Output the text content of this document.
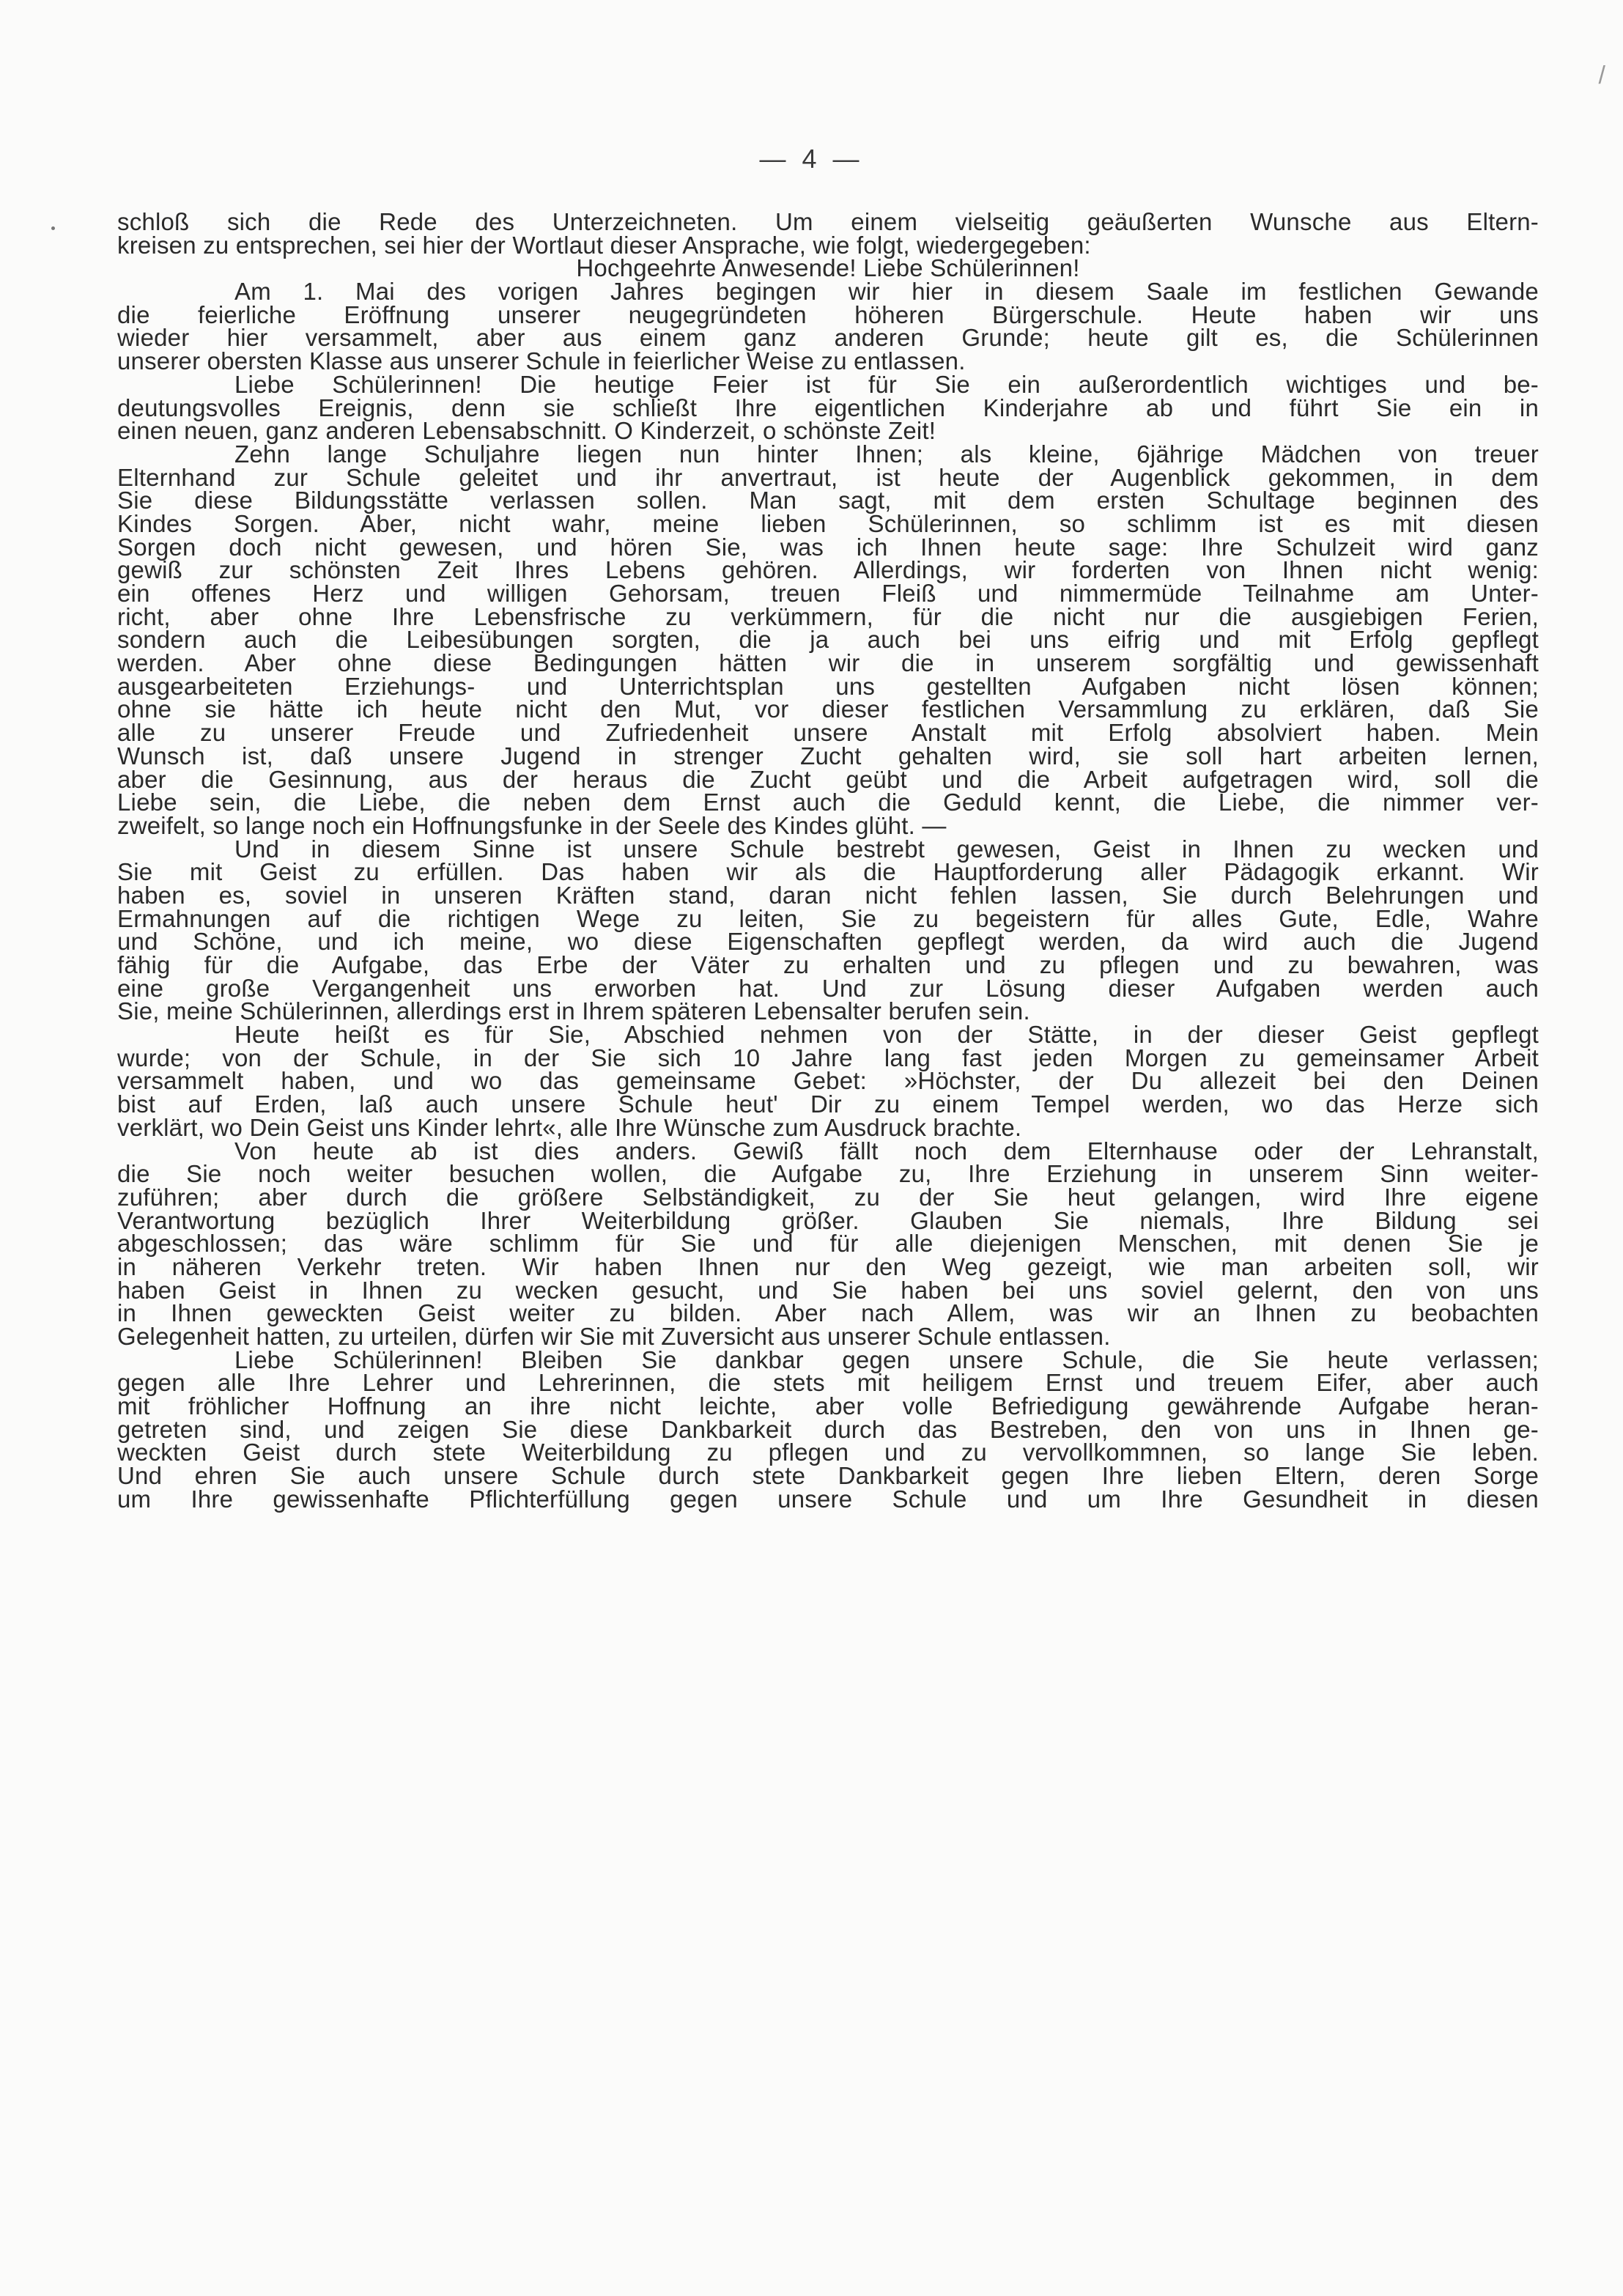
/
— 4 —
schloß sich die Rede des Unterzeichneten. Um einem vielseitig geäußerten Wunsche aus Eltern-
kreisen zu entsprechen, sei hier der Wortlaut dieser Ansprache, wie folgt, wiedergegeben:
Hochgeehrte Anwesende! Liebe Schülerinnen!
Am 1. Mai des vorigen Jahres begingen wir hier in diesem Saale im festlichen Gewande
die feierliche Eröffnung unserer neugegründeten höheren Bürgerschule. Heute haben wir uns
wieder hier versammelt, aber aus einem ganz anderen Grunde; heute gilt es, die Schülerinnen
unserer obersten Klasse aus unserer Schule in feierlicher Weise zu entlassen.
Liebe Schülerinnen! Die heutige Feier ist für Sie ein außerordentlich wichtiges und be-
deutungsvolles Ereignis, denn sie schließt Ihre eigentlichen Kinderjahre ab und führt Sie ein in
einen neuen, ganz anderen Lebensabschnitt. O Kinderzeit, o schönste Zeit!
Zehn lange Schuljahre liegen nun hinter Ihnen; als kleine, 6jährige Mädchen von treuer
Elternhand zur Schule geleitet und ihr anvertraut, ist heute der Augenblick gekommen, in dem
Sie diese Bildungsstätte verlassen sollen. Man sagt, mit dem ersten Schultage beginnen des
Kindes Sorgen. Aber, nicht wahr, meine lieben Schülerinnen, so schlimm ist es mit diesen
Sorgen doch nicht gewesen, und hören Sie, was ich Ihnen heute sage: Ihre Schulzeit wird ganz
gewiß zur schönsten Zeit Ihres Lebens gehören. Allerdings, wir forderten von Ihnen nicht wenig:
ein offenes Herz und willigen Gehorsam, treuen Fleiß und nimmermüde Teilnahme am Unter-
richt, aber ohne Ihre Lebensfrische zu verkümmern, für die nicht nur die ausgiebigen Ferien,
sondern auch die Leibesübungen sorgten, die ja auch bei uns eifrig und mit Erfolg gepflegt
werden. Aber ohne diese Bedingungen hätten wir die in unserem sorgfältig und gewissenhaft
ausgearbeiteten Erziehungs- und Unterrichtsplan uns gestellten Aufgaben nicht lösen können;
ohne sie hätte ich heute nicht den Mut, vor dieser festlichen Versammlung zu erklären, daß Sie
alle zu unserer Freude und Zufriedenheit unsere Anstalt mit Erfolg absolviert haben. Mein
Wunsch ist, daß unsere Jugend in strenger Zucht gehalten wird, sie soll hart arbeiten lernen,
aber die Gesinnung, aus der heraus die Zucht geübt und die Arbeit aufgetragen wird, soll die
Liebe sein, die Liebe, die neben dem Ernst auch die Geduld kennt, die Liebe, die nimmer ver-
zweifelt, so lange noch ein Hoffnungsfunke in der Seele des Kindes glüht. —
Und in diesem Sinne ist unsere Schule bestrebt gewesen, Geist in Ihnen zu wecken und
Sie mit Geist zu erfüllen. Das haben wir als die Hauptforderung aller Pädagogik erkannt. Wir
haben es, soviel in unseren Kräften stand, daran nicht fehlen lassen, Sie durch Belehrungen und
Ermahnungen auf die richtigen Wege zu leiten, Sie zu begeistern für alles Gute, Edle, Wahre
und Schöne, und ich meine, wo diese Eigenschaften gepflegt werden, da wird auch die Jugend
fähig für die Aufgabe, das Erbe der Väter zu erhalten und zu pflegen und zu bewahren, was
eine große Vergangenheit uns erworben hat. Und zur Lösung dieser Aufgaben werden auch
Sie, meine Schülerinnen, allerdings erst in Ihrem späteren Lebensalter berufen sein.
Heute heißt es für Sie, Abschied nehmen von der Stätte, in der dieser Geist gepflegt
wurde; von der Schule, in der Sie sich 10 Jahre lang fast jeden Morgen zu gemeinsamer Arbeit
versammelt haben, und wo das gemeinsame Gebet: »Höchster, der Du allezeit bei den Deinen
bist auf Erden, laß auch unsere Schule heut' Dir zu einem Tempel werden, wo das Herze sich
verklärt, wo Dein Geist uns Kinder lehrt«, alle Ihre Wünsche zum Ausdruck brachte.
Von heute ab ist dies anders. Gewiß fällt noch dem Elternhause oder der Lehranstalt,
die Sie noch weiter besuchen wollen, die Aufgabe zu, Ihre Erziehung in unserem Sinn weiter-
zuführen; aber durch die größere Selbständigkeit, zu der Sie heut gelangen, wird Ihre eigene
Verantwortung bezüglich Ihrer Weiterbildung größer. Glauben Sie niemals, Ihre Bildung sei
abgeschlossen; das wäre schlimm für Sie und für alle diejenigen Menschen, mit denen Sie je
in näheren Verkehr treten. Wir haben Ihnen nur den Weg gezeigt, wie man arbeiten soll, wir
haben Geist in Ihnen zu wecken gesucht, und Sie haben bei uns soviel gelernt, den von uns
in Ihnen geweckten Geist weiter zu bilden. Aber nach Allem, was wir an Ihnen zu beobachten
Gelegenheit hatten, zu urteilen, dürfen wir Sie mit Zuversicht aus unserer Schule entlassen.
Liebe Schülerinnen! Bleiben Sie dankbar gegen unsere Schule, die Sie heute verlassen;
gegen alle Ihre Lehrer und Lehrerinnen, die stets mit heiligem Ernst und treuem Eifer, aber auch
mit fröhlicher Hoffnung an ihre nicht leichte, aber volle Befriedigung gewährende Aufgabe heran-
getreten sind, und zeigen Sie diese Dankbarkeit durch das Bestreben, den von uns in Ihnen ge-
weckten Geist durch stete Weiterbildung zu pflegen und zu vervollkommnen, so lange Sie leben.
Und ehren Sie auch unsere Schule durch stete Dankbarkeit gegen Ihre lieben Eltern, deren Sorge
um Ihre gewissenhafte Pflichterfüllung gegen unsere Schule und um Ihre Gesundheit in diesen
